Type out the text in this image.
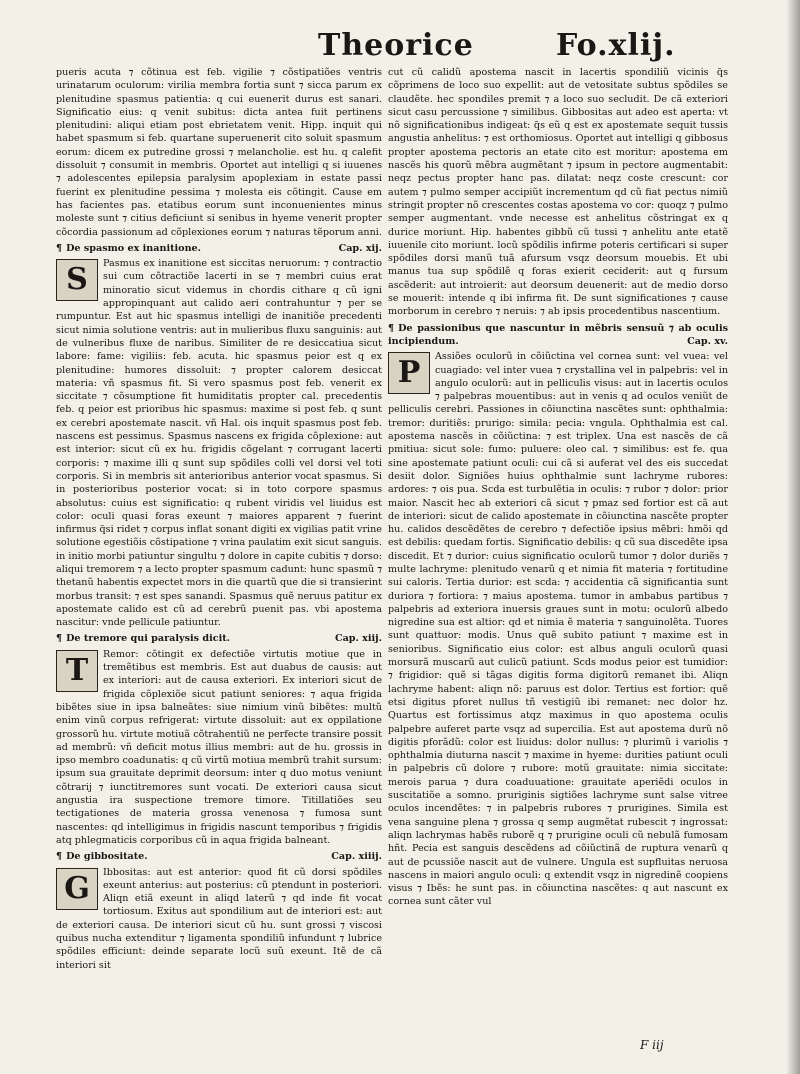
Theorice	Fo.xlij.

pueris acuta ⁊ cõtinua est feb. vigilie ⁊ cõstipatiões ventris urinatarum oculorum: virilia membra fortia sunt ⁊ sicca parum ex plenitudine spasmus patientia: q cui euenerit durus est sanari. Significatio eius: q venit subitus: dicta antea fuit pertinens plenitudini: aliqui etiam post ebrietatem venit. Hipp. inquit qui habet spasmum si feb. quartane superuenerit cito soluit spasmum eorum: dicem ex putredine grossi ⁊ melancholie. est hu. q calefit dissoluit ⁊ consumit in membris. Oportet aut intelligi q si iuuenes ⁊ adolescentes epilepsia paralysim apoplexiam in estate passi fuerint ex plenitudine pessima ⁊ molesta eis cõtingit. Cause em has facientes pas. etatibus eorum sunt inconuenientes minus moleste sunt ⁊ citius deficiunt si senibus in hyeme venerit propter cõcordia passionum ad cõplexiones eorum ⁊ naturas tẽporum anni.

¶ De spasmo ex inanitione.	Cap. xij.
S	Pasmus ex inanitione est siccitas neruorum: ⁊ contractio sui cum cõtractiõe lacerti in se ⁊ membri cuius erat minoratio sicut videmus in chordis cithare q cũ igni appropinquant aut calido aeri contrahuntur ⁊ per se rumpuntur. Est aut hic spasmus intelligi de inanitiõe precedenti sicut nimia solutione ventris: aut in mulieribus fluxu sanguinis: aut de vulneribus fluxe de naribus. Similiter de re desiccatiua sicut labore: fame: vigiliis: feb. acuta. hic spasmus peior est q ex plenitudine: humores dissoluit: ⁊ propter calorem desiccat materia: vñ spasmus fit. Si vero spasmus post feb. venerit ex siccitate ⁊ cõsumptione fit humiditatis propter cal. precedentis feb. q peior est prioribus hic spasmus: maxime si post feb. q sunt ex cerebri apostemate nascit. vñ Hal. ois inquit spasmus post feb. nascens est pessimus. Spasmus nascens ex frigida cõplexione: aut est interior: sicut cũ ex hu. frigidis cõgelant ⁊ corrugant lacerti corporis: ⁊ maxime illi q sunt sup spõdiles colli vel dorsi vel toti corporis. Si in membris sit anterioribus anterior vocat spasmus. Si in posterioribus posterior vocat: si in toto corpore spasmus absolutus: cuius est significatio: q rubent viridis vel liuidus est color: oculi quasi foras exeunt ⁊ maiores apparent ⁊ fuerint infirmus q̃si ridet ⁊ corpus inflat sonant digiti ex vigilias patit vrine solutione egestiõis cõstipatione ⁊ vrina paulatim exit sicut sanguis. in initio morbi patiuntur singultu ⁊ dolore in capite cubitis ⁊ dorso: aliqui tremorem ⁊ a lecto propter spasmum cadunt: hunc spasmũ ⁊ thetanũ habentis expectet mors in die quartũ que die si transierint morbus transit: ⁊ est spes sanandi. Spasmus quẽ neruus patitur ex apostemate calido est cũ ad cerebrũ puenit pas. vbi apostema nascitur: vnde pellicule patiuntur.

¶ De tremore qui paralysis dicit.	Cap. xiij.
T	Remor: cõtingit ex defectiõe virtutis motiue que in tremẽtibus est membris. Est aut duabus de causis: aut ex interiori: aut de causa exteriori. Ex interiori sicut de frigida cõplexiõe sicut patiunt seniores: ⁊ aqua frigida bibẽtes siue in ipsa balneãtes: siue nimium vinũ bibẽtes: multũ enim vinũ corpus refrigerat: virtute dissoluit: aut ex oppilatione grossorũ hu. virtute motiuã cõtrahentiũ ne perfecte transire possit ad membrũ: vñ deficit motus illius membri: aut de hu. grossis in ipso membro coadunatis: q cũ virtũ motiua membrũ trahit sursum: ipsum sua grauitate deprimit deorsum: inter q duo motus veniunt cõtrarij ⁊ iunctitremores sunt vocati. De exteriori causa sicut angustia ira suspectione tremore timore. Titillatiões seu tectigationes de materia grossa venenosa ⁊ fumosa sunt nascentes: qd intelligimus in frigidis nascunt temporibus ⁊ frigidis atq phlegmaticis corporibus cũ in aqua frigida balneant.

¶ De gibbositate.	Cap. xiiij.
G	Ibbositas: aut est anterior: quod fit cũ dorsi spõdiles exeunt anterius: aut posterius: cũ ptendunt in posteriori. Aliqn etiã exeunt in aliqd laterũ ⁊ qd inde fit vocat tortiosum. Exitus aut spondilium aut de interiori est: aut de exteriori causa. De interiori sicut cũ hu. sunt grossi ⁊ viscosi quibus nucha extenditur ⁊ ligamenta spondiliũ infundunt ⁊ lubrice spõdiles efficiunt: deinde separate locũ suũ exeunt. Itẽ de cã interiori sit

cut cũ calidũ apostema nascit in lacertis spondiliũ vicinis q̃s cõprimens de loco suo expellit: aut de vetositate subtus spõdiles se claudẽte. hec spondiles premit ⁊ a loco suo secludit. De cã exteriori sicut casu percussione ⁊ similibus. Gibbositas aut adeo est aperta: vt nõ significationibus indigeat: q̃s eũ q est ex apostemate sequit tussis angustia anhelitus: ⁊ est orthomiosus. Oportet aut intelligi q gibbosus propter apostema pectoris an etate cito est moritur: apostema em nascẽs his quorũ mẽbra augmẽtant ⁊ ipsum in pectore augmentabit: neqz pectus propter hanc pas. dilatat: neqz coste crescunt: cor autem ⁊ pulmo semper accipiũt incrementum qd cũ fiat pectus nimiũ stringit propter nõ crescentes costas apostema vo cor: quoqz ⁊ pulmo semper augmentant. vnde necesse est anhelitus cõstringat ex q durice moriunt. Hip. habentes gibbũ cũ tussi ⁊ anhelitu ante etatẽ iuuenile cito moriunt. locũ spõdilis infirme poteris certificari si super spõdiles dorsi manũ tuã afursum vsqz deorsum mouebis. Et ubi manus tua sup spõdilẽ q foras exierit ceciderit: aut q fursum ascẽderit: aut introierit: aut deorsum deuenerit: aut de medio dorso se mouerit: intende q ibi infirma fit. De sunt significationes ⁊ cause morborum in cerebro ⁊ neruis: ⁊ ab ipsis procedentibus nascentium.

¶ De passionibus que nascuntur in mẽbris sensuũ ⁊ ab oculis incipiendum.	Cap. xv.
P	Assiões oculorũ in cõiũctina vel cornea sunt: vel vuea: vel cuagiado: vel inter vuea ⁊ crystallina vel in palpebris: vel in angulo oculorũ: aut in pelliculis visus: aut in lacertis oculos ⁊ palpebras mouentibus: aut in venis q ad oculos veniũt de pelliculis cerebri. Passiones in cõiunctina nascẽtes sunt: ophthalmia: tremor: duritiẽs: prurigo: simila: pecia: vngula. Ophthalmia est cal. apostema nascẽs in cõiũctina: ⁊ est triplex. Una est nascẽs de cã pmitiua: sicut sole: fumo: puluere: oleo cal. ⁊ similibus: est fe. qua sine apostemate patiunt oculi: cui cã si auferat vel des eis succedat desiit dolor. Signiões huius ophthalmie sunt lachryme rubores: ardores: ⁊ ois pua. Scda est turbulẽtia in oculis: ⁊ rubor ⁊ dolor: prior maior. Nascit hec ab exteriori cã sicut ⁊ pmaz sed fortior est cã aut de interiori: sicut de calido apostemate in cõiunctina nascẽte propter hu. calidos descẽdẽtes de cerebro ⁊ defectiõe ipsius mẽbri: hmõi qd est debilis: quedam fortis. Significatio debilis: q cũ sua discedẽte ipsa discedit. Et ⁊ durior: cuius significatio oculorũ tumor ⁊ dolor duriẽs ⁊ multe lachryme: plenitudo venarũ q et nimia fit materia ⁊ fortitudine sui caloris. Tertia durior: est scda: ⁊ accidentia cã significantia sunt duriora ⁊ fortiora: ⁊ maius apostema. tumor in ambabus partibus ⁊ palpebris ad exteriora inuersis graues sunt in motu: oculorũ albedo nigredine sua est altior: qd et nimia ẽ materia ⁊ sanguinolẽta. Tuores sunt quattuor: modis. Unus quẽ subito patiunt ⁊ maxime est in senioribus. Significatio eius color: est albus anguli oculorũ quasi morsurã muscarũ aut culicũ patiunt. Scds modus peior est tumidior: ⁊ frigidior: quẽ si tãgas digitis forma digitorũ remanet ibi. Aliqn lachryme habent: aliqn nõ: paruus est dolor. Tertius est fortior: quẽ etsi digitus pforet nullus tñ vestigiũ ibi remanet: nec dolor hz. Quartus est fortissimus atqz maximus in quo apostema oculis palpebre auferet parte vsqz ad supercilia. Est aut apostema durũ nõ digitis pforãdũ: color est liuidus: dolor nullus: ⁊ plurimũ i variolis ⁊ ophthalmia diuturna nascit ⁊ maxime in hyeme: durities patiunt oculi in palpebris cũ dolore ⁊ rubore: motũ grauitate: nimia siccitate: merois parua ⁊ dura coaduuatione: grauitate aperiẽdi oculos in suscitatiõe a somno. pruriginis sigtiões lachryme sunt salse vitree oculos incendẽtes: ⁊ in palpebris rubores ⁊ prurigines. Simila est vena sanguine plena ⁊ grossa q semp augmẽtat rubescit ⁊ ingrossat: aliqn lachrymas habẽs ruborẽ q ⁊ prurigine oculi cũ nebulã fumosam hñt. Pecia est sanguis descẽdens ad cõiũctinã de ruptura venarũ q aut de pcussiõe nascit aut de vulnere. Ungula est supfluitas neruosa nascens in maiori angulo oculi: q extendit vsqz in nigredinẽ coopiens visus ⁊ Ibẽs: he sunt pas. in cõiunctina nascẽtes: q aut nascunt ex cornea sunt cãter vul

F iij
